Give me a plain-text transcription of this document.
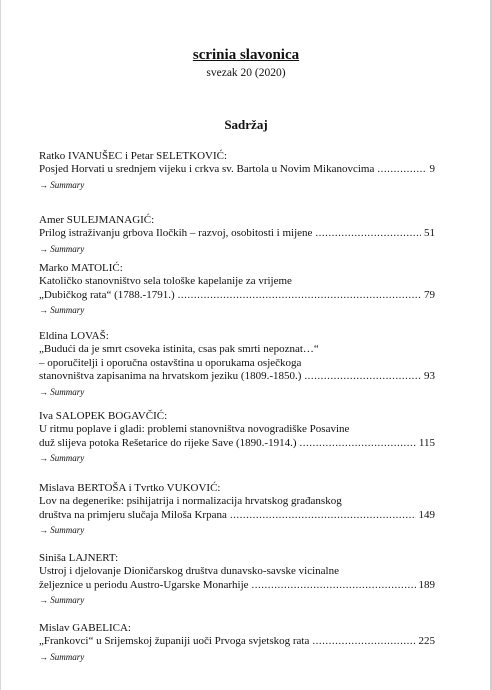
scrinia slavonica
svezak 20 (2020)
Sadržaj
Ratko IVANUŠEC i Petar SELETKOVIĆ:
Posjed Horvati u srednjem vijeku i crkva sv. Bartola u Novim Mikanovcima .....	9
→ Summary
Amer SULEJMANAGIĆ:
Prilog istraživanju grbova Iločkih – razvoj, osobitosti i mijene .....	51
→ Summary
Marko MATOLIĆ:
Katoličko stanovništvo sela tološke kapelanije za vrijeme
„Dubičkog rata“ (1788.-1791.) .....	79
→ Summary
Eldina LOVAŠ:
„Budući da je smrt csoveka istinita, csas pak smrti nepoznat…“
– oporučitelji i oporučna ostavština u oporukama osječkoga
stanovništva zapisanima na hrvatskom jeziku (1809.-1850.) .....	93
→ Summary
Iva SALOPEK BOGAVČIĆ:
U ritmu poplave i gladi: problemi stanovništva novogradiške Posavine
duž slijeva potoka Rešetarice do rijeke Save (1890.-1914.) .....	115
→ Summary
Mislava BERTOŠA i Tvrtko VUKOVIĆ:
Lov na degenerike: psihijatrija i normalizacija hrvatskog građanskog
društva na primjeru slučaja Miloša Krpana .....	149
→ Summary
Siniša LAJNERT:
Ustroj i djelovanje Dioničarskog društva dunavsko-savske vicinalne
željeznice u periodu Austro-Ugarske Monarhije .....	189
→ Summary
Mislav GABELICA:
„Frankovci“ u Srijemskoj županiji uoči Prvoga svjetskog rata .....	225
→ Summary
